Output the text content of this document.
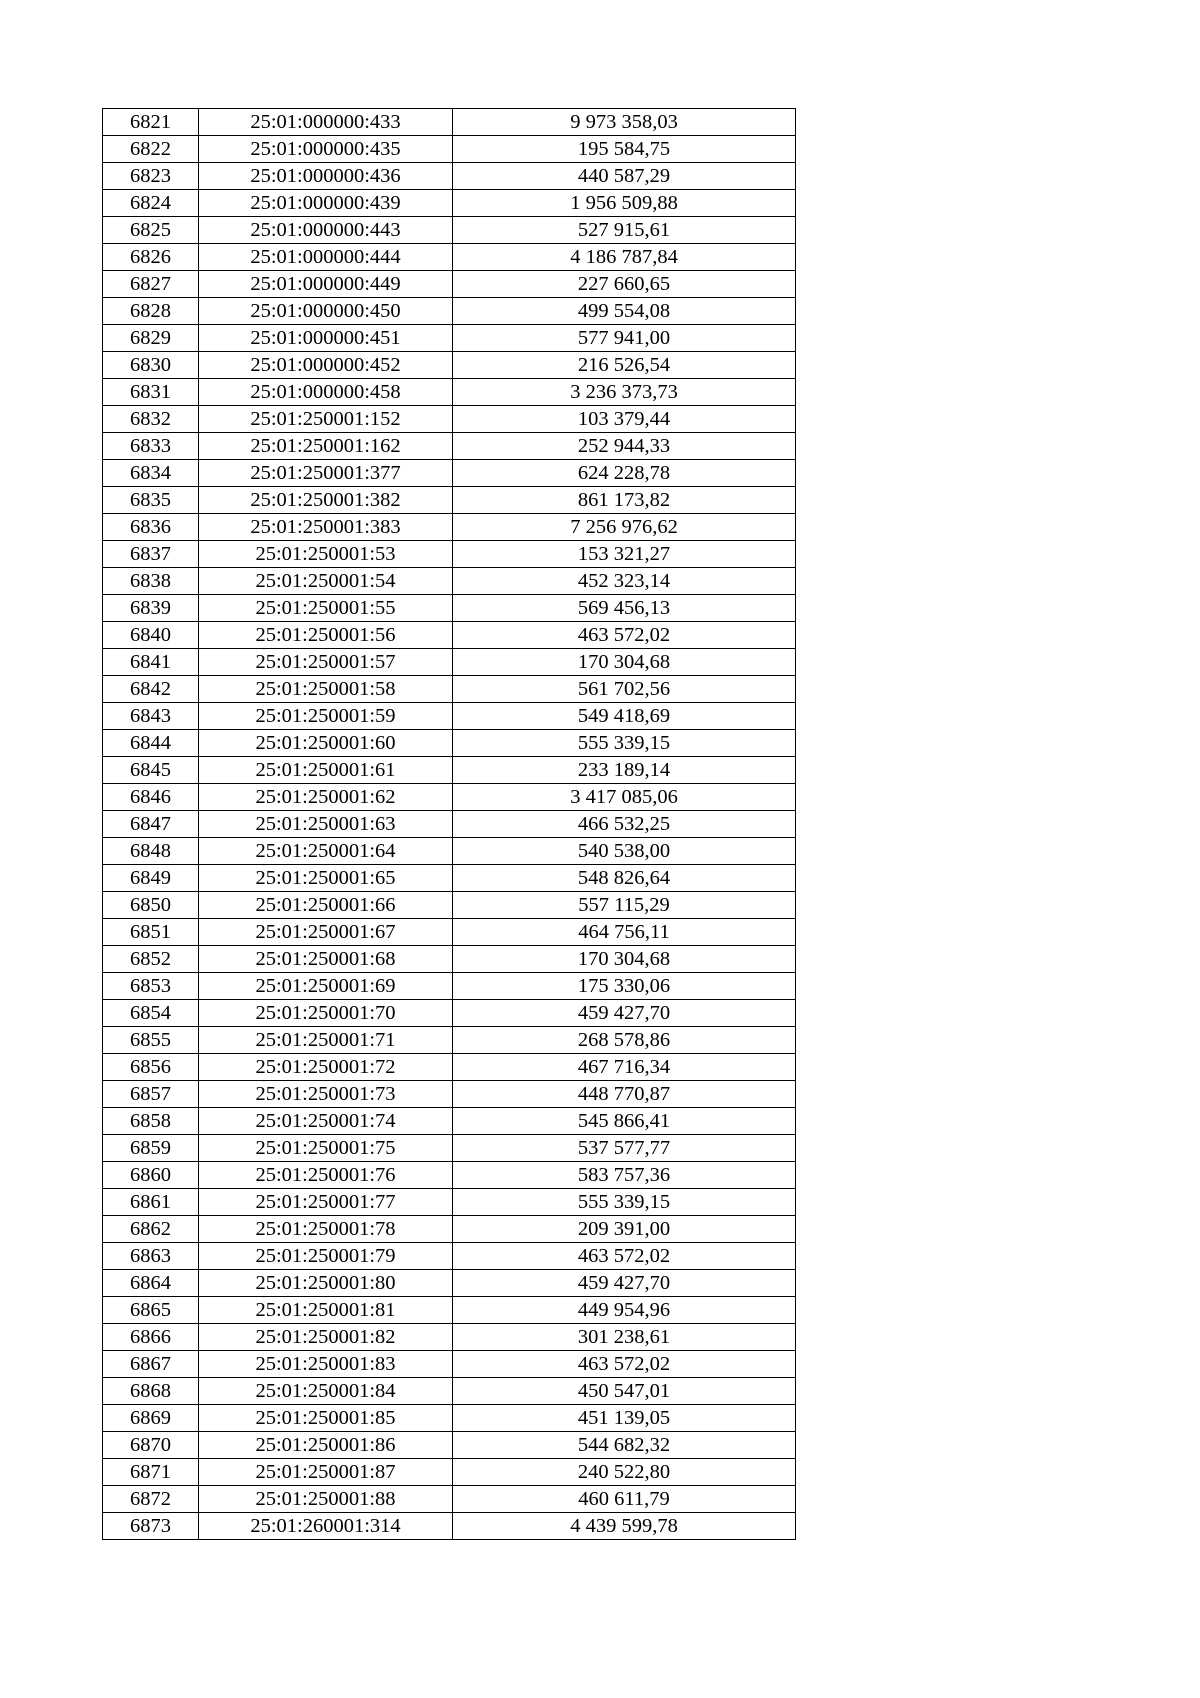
6821	25:01:000000:433	9 973 358,03
6822	25:01:000000:435	195 584,75
6823	25:01:000000:436	440 587,29
6824	25:01:000000:439	1 956 509,88
6825	25:01:000000:443	527 915,61
6826	25:01:000000:444	4 186 787,84
6827	25:01:000000:449	227 660,65
6828	25:01:000000:450	499 554,08
6829	25:01:000000:451	577 941,00
6830	25:01:000000:452	216 526,54
6831	25:01:000000:458	3 236 373,73
6832	25:01:250001:152	103 379,44
6833	25:01:250001:162	252 944,33
6834	25:01:250001:377	624 228,78
6835	25:01:250001:382	861 173,82
6836	25:01:250001:383	7 256 976,62
6837	25:01:250001:53	153 321,27
6838	25:01:250001:54	452 323,14
6839	25:01:250001:55	569 456,13
6840	25:01:250001:56	463 572,02
6841	25:01:250001:57	170 304,68
6842	25:01:250001:58	561 702,56
6843	25:01:250001:59	549 418,69
6844	25:01:250001:60	555 339,15
6845	25:01:250001:61	233 189,14
6846	25:01:250001:62	3 417 085,06
6847	25:01:250001:63	466 532,25
6848	25:01:250001:64	540 538,00
6849	25:01:250001:65	548 826,64
6850	25:01:250001:66	557 115,29
6851	25:01:250001:67	464 756,11
6852	25:01:250001:68	170 304,68
6853	25:01:250001:69	175 330,06
6854	25:01:250001:70	459 427,70
6855	25:01:250001:71	268 578,86
6856	25:01:250001:72	467 716,34
6857	25:01:250001:73	448 770,87
6858	25:01:250001:74	545 866,41
6859	25:01:250001:75	537 577,77
6860	25:01:250001:76	583 757,36
6861	25:01:250001:77	555 339,15
6862	25:01:250001:78	209 391,00
6863	25:01:250001:79	463 572,02
6864	25:01:250001:80	459 427,70
6865	25:01:250001:81	449 954,96
6866	25:01:250001:82	301 238,61
6867	25:01:250001:83	463 572,02
6868	25:01:250001:84	450 547,01
6869	25:01:250001:85	451 139,05
6870	25:01:250001:86	544 682,32
6871	25:01:250001:87	240 522,80
6872	25:01:250001:88	460 611,79
6873	25:01:260001:314	4 439 599,78
